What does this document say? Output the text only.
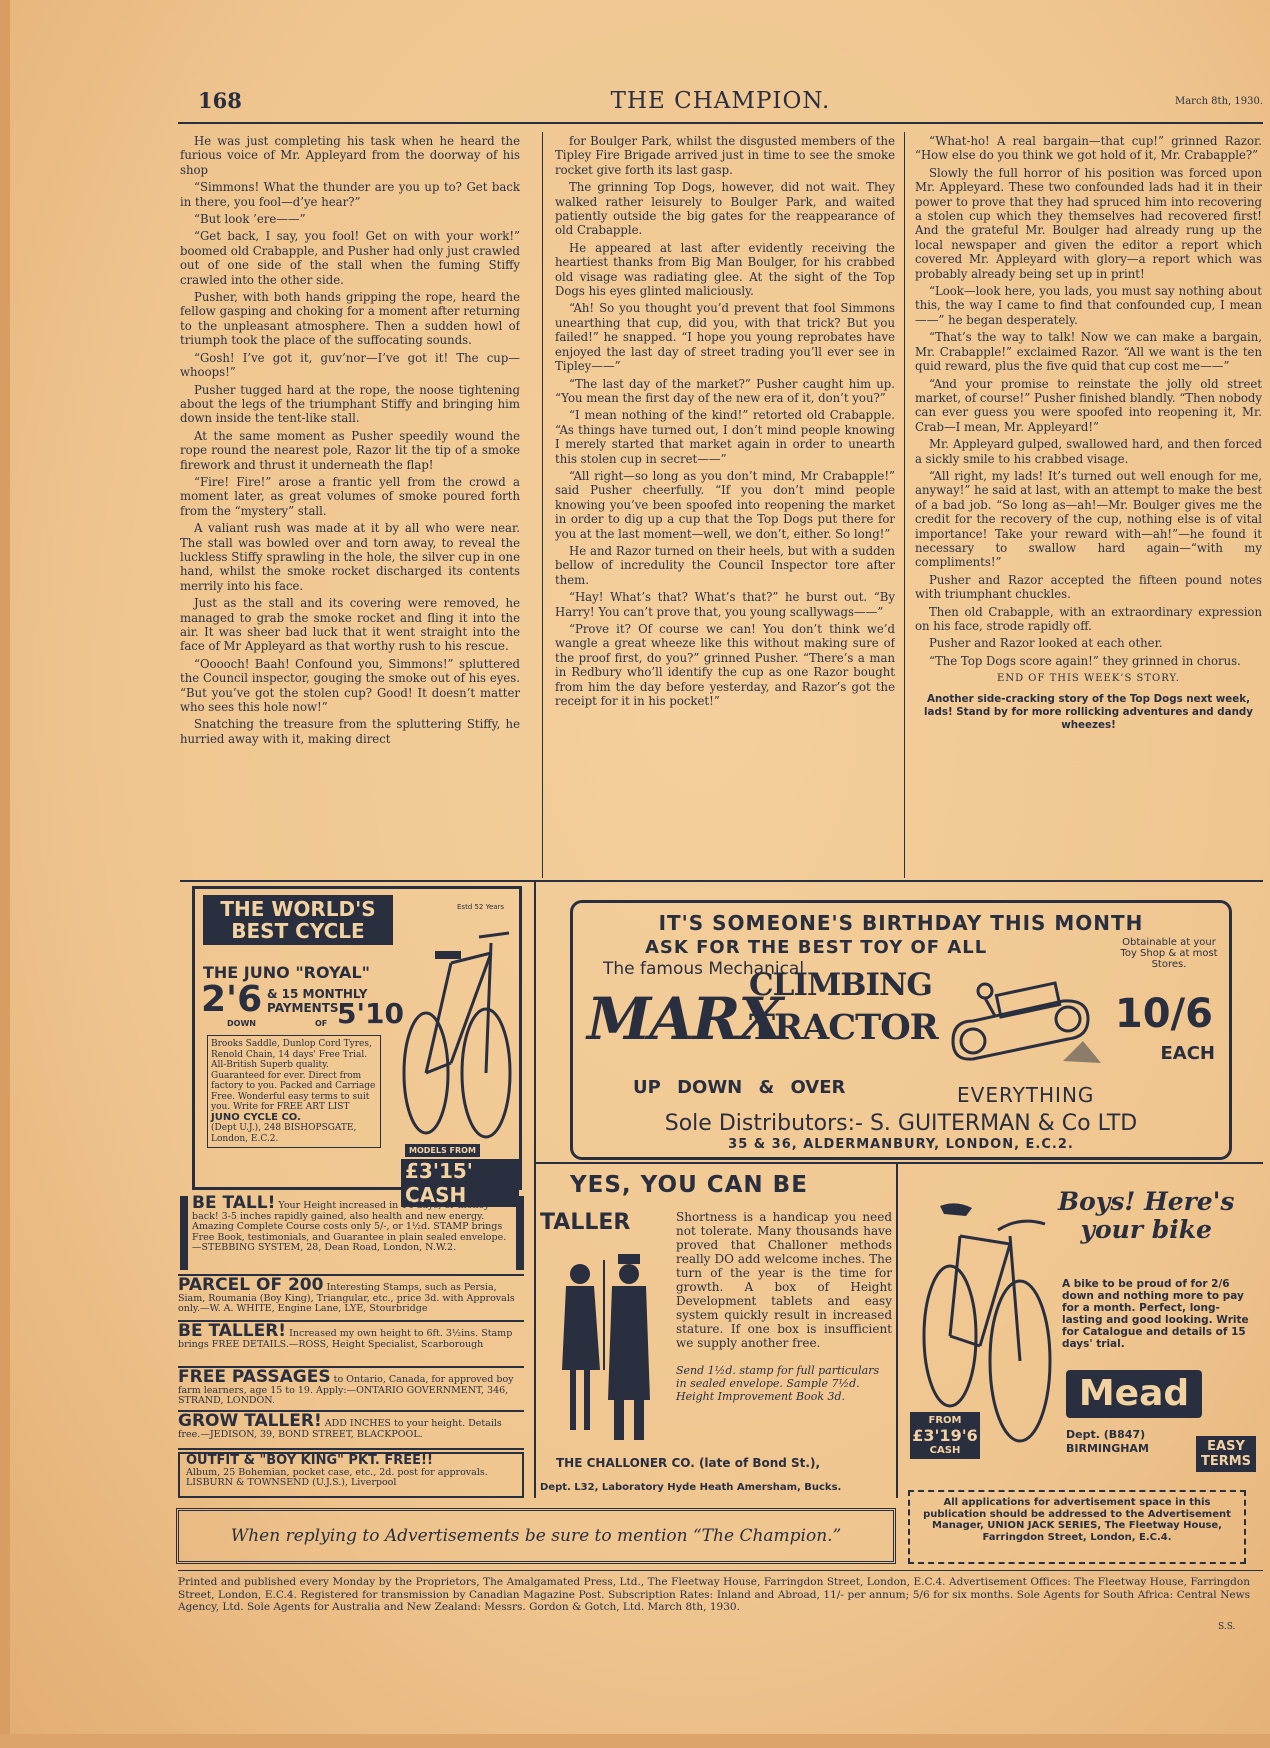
168	THE CHAMPION.	March 8th, 1930.

He was just completing his task when he heard the furious voice of Mr. Appleyard from the doorway of his shop

“Simmons! What the thunder are you up to? Get back in there, you fool—d’ye hear?”

“But look ’ere——”

“Get back, I say, you fool! Get on with your work!” boomed old Crabapple, and Pusher had only just crawled out of one side of the stall when the fuming Stiffy crawled into the other side.

Pusher, with both hands gripping the rope, heard the fellow gasping and choking for a moment after returning to the unpleasant atmosphere. Then a sudden howl of triumph took the place of the suffocating sounds.

“Gosh! I’ve got it, guv’nor—I’ve got it! The cup—whoops!”

Pusher tugged hard at the rope, the noose tightening about the legs of the triumphant Stiffy and bringing him down inside the tent-like stall.

At the same moment as Pusher speedily wound the rope round the nearest pole, Razor lit the tip of a smoke firework and thrust it underneath the flap!

“Fire! Fire!” arose a frantic yell from the crowd a moment later, as great volumes of smoke poured forth from the “mystery” stall.

A valiant rush was made at it by all who were near. The stall was bowled over and torn away, to reveal the luckless Stiffy sprawling in the hole, the silver cup in one hand, whilst the smoke rocket discharged its contents merrily into his face.

Just as the stall and its covering were removed, he managed to grab the smoke rocket and fling it into the air. It was sheer bad luck that it went straight into the face of Mr Appleyard as that worthy rush to his rescue.

“Ooooch! Baah! Confound you, Simmons!” spluttered the Council inspector, gouging the smoke out of his eyes. “But you’ve got the stolen cup? Good! It doesn’t matter who sees this hole now!”

Snatching the treasure from the spluttering Stiffy, he hurried away with it, making direct

for Boulger Park, whilst the disgusted members of the Tipley Fire Brigade arrived just in time to see the smoke rocket give forth its last gasp.

The grinning Top Dogs, however, did not wait. They walked rather leisurely to Boulger Park, and waited patiently outside the big gates for the reappearance of old Crabapple.

He appeared at last after evidently receiving the heartiest thanks from Big Man Boulger, for his crabbed old visage was radiating glee. At the sight of the Top Dogs his eyes glinted maliciously.

“Ah! So you thought you’d prevent that fool Simmons unearthing that cup, did you, with that trick? But you failed!” he snapped. “I hope you young reprobates have enjoyed the last day of street trading you’ll ever see in Tipley——”

“The last day of the market?” Pusher caught him up. “You mean the first day of the new era of it, don’t you?”

“I mean nothing of the kind!” retorted old Crabapple. “As things have turned out, I don’t mind people knowing I merely started that market again in order to unearth this stolen cup in secret——”

“All right—so long as you don’t mind, Mr Crabapple!” said Pusher cheerfully. “If you don’t mind people knowing you’ve been spoofed into reopening the market in order to dig up a cup that the Top Dogs put there for you at the last moment—well, we don’t, either. So long!”

He and Razor turned on their heels, but with a sudden bellow of incredulity the Council Inspector tore after them.

“Hay! What’s that? What’s that?” he burst out. “By Harry! You can’t prove that, you young scallywags——”

“Prove it? Of course we can! You don’t think we’d wangle a great wheeze like this without making sure of the proof first, do you?” grinned Pusher. “There’s a man in Redbury who’ll identify the cup as one Razor bought from him the day before yesterday, and Razor’s got the receipt for it in his pocket!”

“What-ho! A real bargain—that cup!” grinned Razor. “How else do you think we got hold of it, Mr. Crabapple?”

Slowly the full horror of his position was forced upon Mr. Appleyard. These two confounded lads had it in their power to prove that they had spruced him into recovering a stolen cup which they themselves had recovered first! And the grateful Mr. Boulger had already rung up the local newspaper and given the editor a report which covered Mr. Appleyard with glory—a report which was probably already being set up in print!

“Look—look here, you lads, you must say nothing about this, the way I came to find that confounded cup, I mean——” he began desperately.

“That’s the way to talk! Now we can make a bargain, Mr. Crabapple!” exclaimed Razor. “All we want is the ten quid reward, plus the five quid that cup cost me——”

“And your promise to reinstate the jolly old street market, of course!” Pusher finished blandly. “Then nobody can ever guess you were spoofed into reopening it, Mr. Crab—I mean, Mr. Appleyard!”

Mr. Appleyard gulped, swallowed hard, and then forced a sickly smile to his crabbed visage.

“All right, my lads! It’s turned out well enough for me, anyway!” he said at last, with an attempt to make the best of a bad job. “So long as—ah!—Mr. Boulger gives me the credit for the recovery of the cup, nothing else is of vital importance! Take your reward with—ah!”—he found it necessary to swallow hard again—“with my compliments!”

Pusher and Razor accepted the fifteen pound notes with triumphant chuckles.

Then old Crabapple, with an extraordinary expression on his face, strode rapidly off.

Pusher and Razor looked at each other.

“The Top Dogs score again!” they grinned in chorus.

END OF THIS WEEK’S STORY.

Another side-cracking story of the Top Dogs next week, lads! Stand by for more rollicking adventures and dandy wheezes!

THE WORLD'S
BEST CYCLE
Estd 52 Years
THE JUNO "ROYAL"
2'6 & 15 MONTHLY
PAYMENTS
5'10
DOWN	OF
Brooks Saddle, Dunlop Cord Tyres, Renold Chain, 14 days' Free Trial. All-British Superb quality. Guaranteed for ever. Direct from factory to you. Packed and Carriage Free. Wonderful easy terms to suit you. Write for FREE ART LIST
JUNO CYCLE CO.
(Dept U.J.), 248 BISHOPSGATE, London, E.C.2.
MODELS FROM
£3'15' CASH
IT'S SOMEONE'S BIRTHDAY THIS MONTH
ASK FOR THE BEST TOY OF ALL	Obtainable at your Toy Shop & at most Stores.
The famous Mechanical
MARX
CLIMBING
TRACTOR	10/6
EACH
UP DOWN & OVER	EVERYTHING
Sole Distributors:- S. GUITERMAN & Co LTD
35 & 36, ALDERMANBURY, LONDON, E.C.2.
BE TALL! Your Height increased in 14 days, or money back! 3-5 inches rapidly gained, also health and new energy. Amazing Complete Course costs only 5/-, or 1½d. STAMP brings Free Book, testimonials, and Guarantee in plain sealed envelope.—STEBBING SYSTEM, 28, Dean Road, London, N.W.2.
PARCEL OF 200 Interesting Stamps, such as Persia, Siam, Roumania (Boy King), Triangular, etc., price 3d. with Approvals only.—W. A. WHITE, Engine Lane, LYE, Stourbridge
BE TALLER! Increased my own height to 6ft. 3½ins. Stamp brings FREE DETAILS.—ROSS, Height Specialist, Scarborough
FREE PASSAGES to Ontario, Canada, for approved boy farm learners, age 15 to 19. Apply:—ONTARIO GOVERNMENT, 346, STRAND, LONDON.
GROW TALLER! ADD INCHES to your height. Details free.—JEDISON, 39, BOND STREET, BLACKPOOL.
OUTFIT & "BOY KING" PKT. FREE!!
Album, 25 Bohemian, pocket case, etc., 2d. post for approvals. LISBURN & TOWNSEND (U.J.S.), Liverpool
YES, YOU CAN BE
TALLER	Shortness is a handicap you need not tolerate. Many thousands have proved that Challoner methods really DO add welcome inches. The turn of the year is the time for growth. A box of Height Development tablets and easy system quickly result in increased stature. If one box is insufficient we supply another free.
Send 1½d. stamp for full particulars in sealed envelope. Sample 7½d. Height Improvement Book 3d.
THE CHALLONER CO. (late of Bond St.),
Dept. L32, Laboratory Hyde Heath Amersham, Bucks.
Boys! Here's
your bike
A bike to be proud of for 2/6 down and nothing more to pay for a month. Perfect, long-lasting and good looking. Write for Catalogue and details of 15 days' trial.
Mead
Dept. (B847)
BIRMINGHAM
FROM
£3'19'6
CASH	EASY
TERMS
All applications for advertisement space in this publication should be addressed to the Advertisement Manager, UNION JACK SERIES, The Fleetway House, Farringdon Street, London, E.C.4.
When replying to Advertisements be sure to mention “The Champion.”
Printed and published every Monday by the Proprietors, The Amalgamated Press, Ltd., The Fleetway House, Farringdon Street, London, E.C.4. Advertisement Offices: The Fleetway House, Farringdon Street, London, E.C.4. Registered for transmission by Canadian Magazine Post. Subscription Rates: Inland and Abroad, 11/- per annum; 5/6 for six months. Sole Agents for South Africa: Central News Agency, Ltd. Sole Agents for Australia and New Zealand: Messrs. Gordon & Gotch, Ltd. March 8th, 1930.
S.S.
